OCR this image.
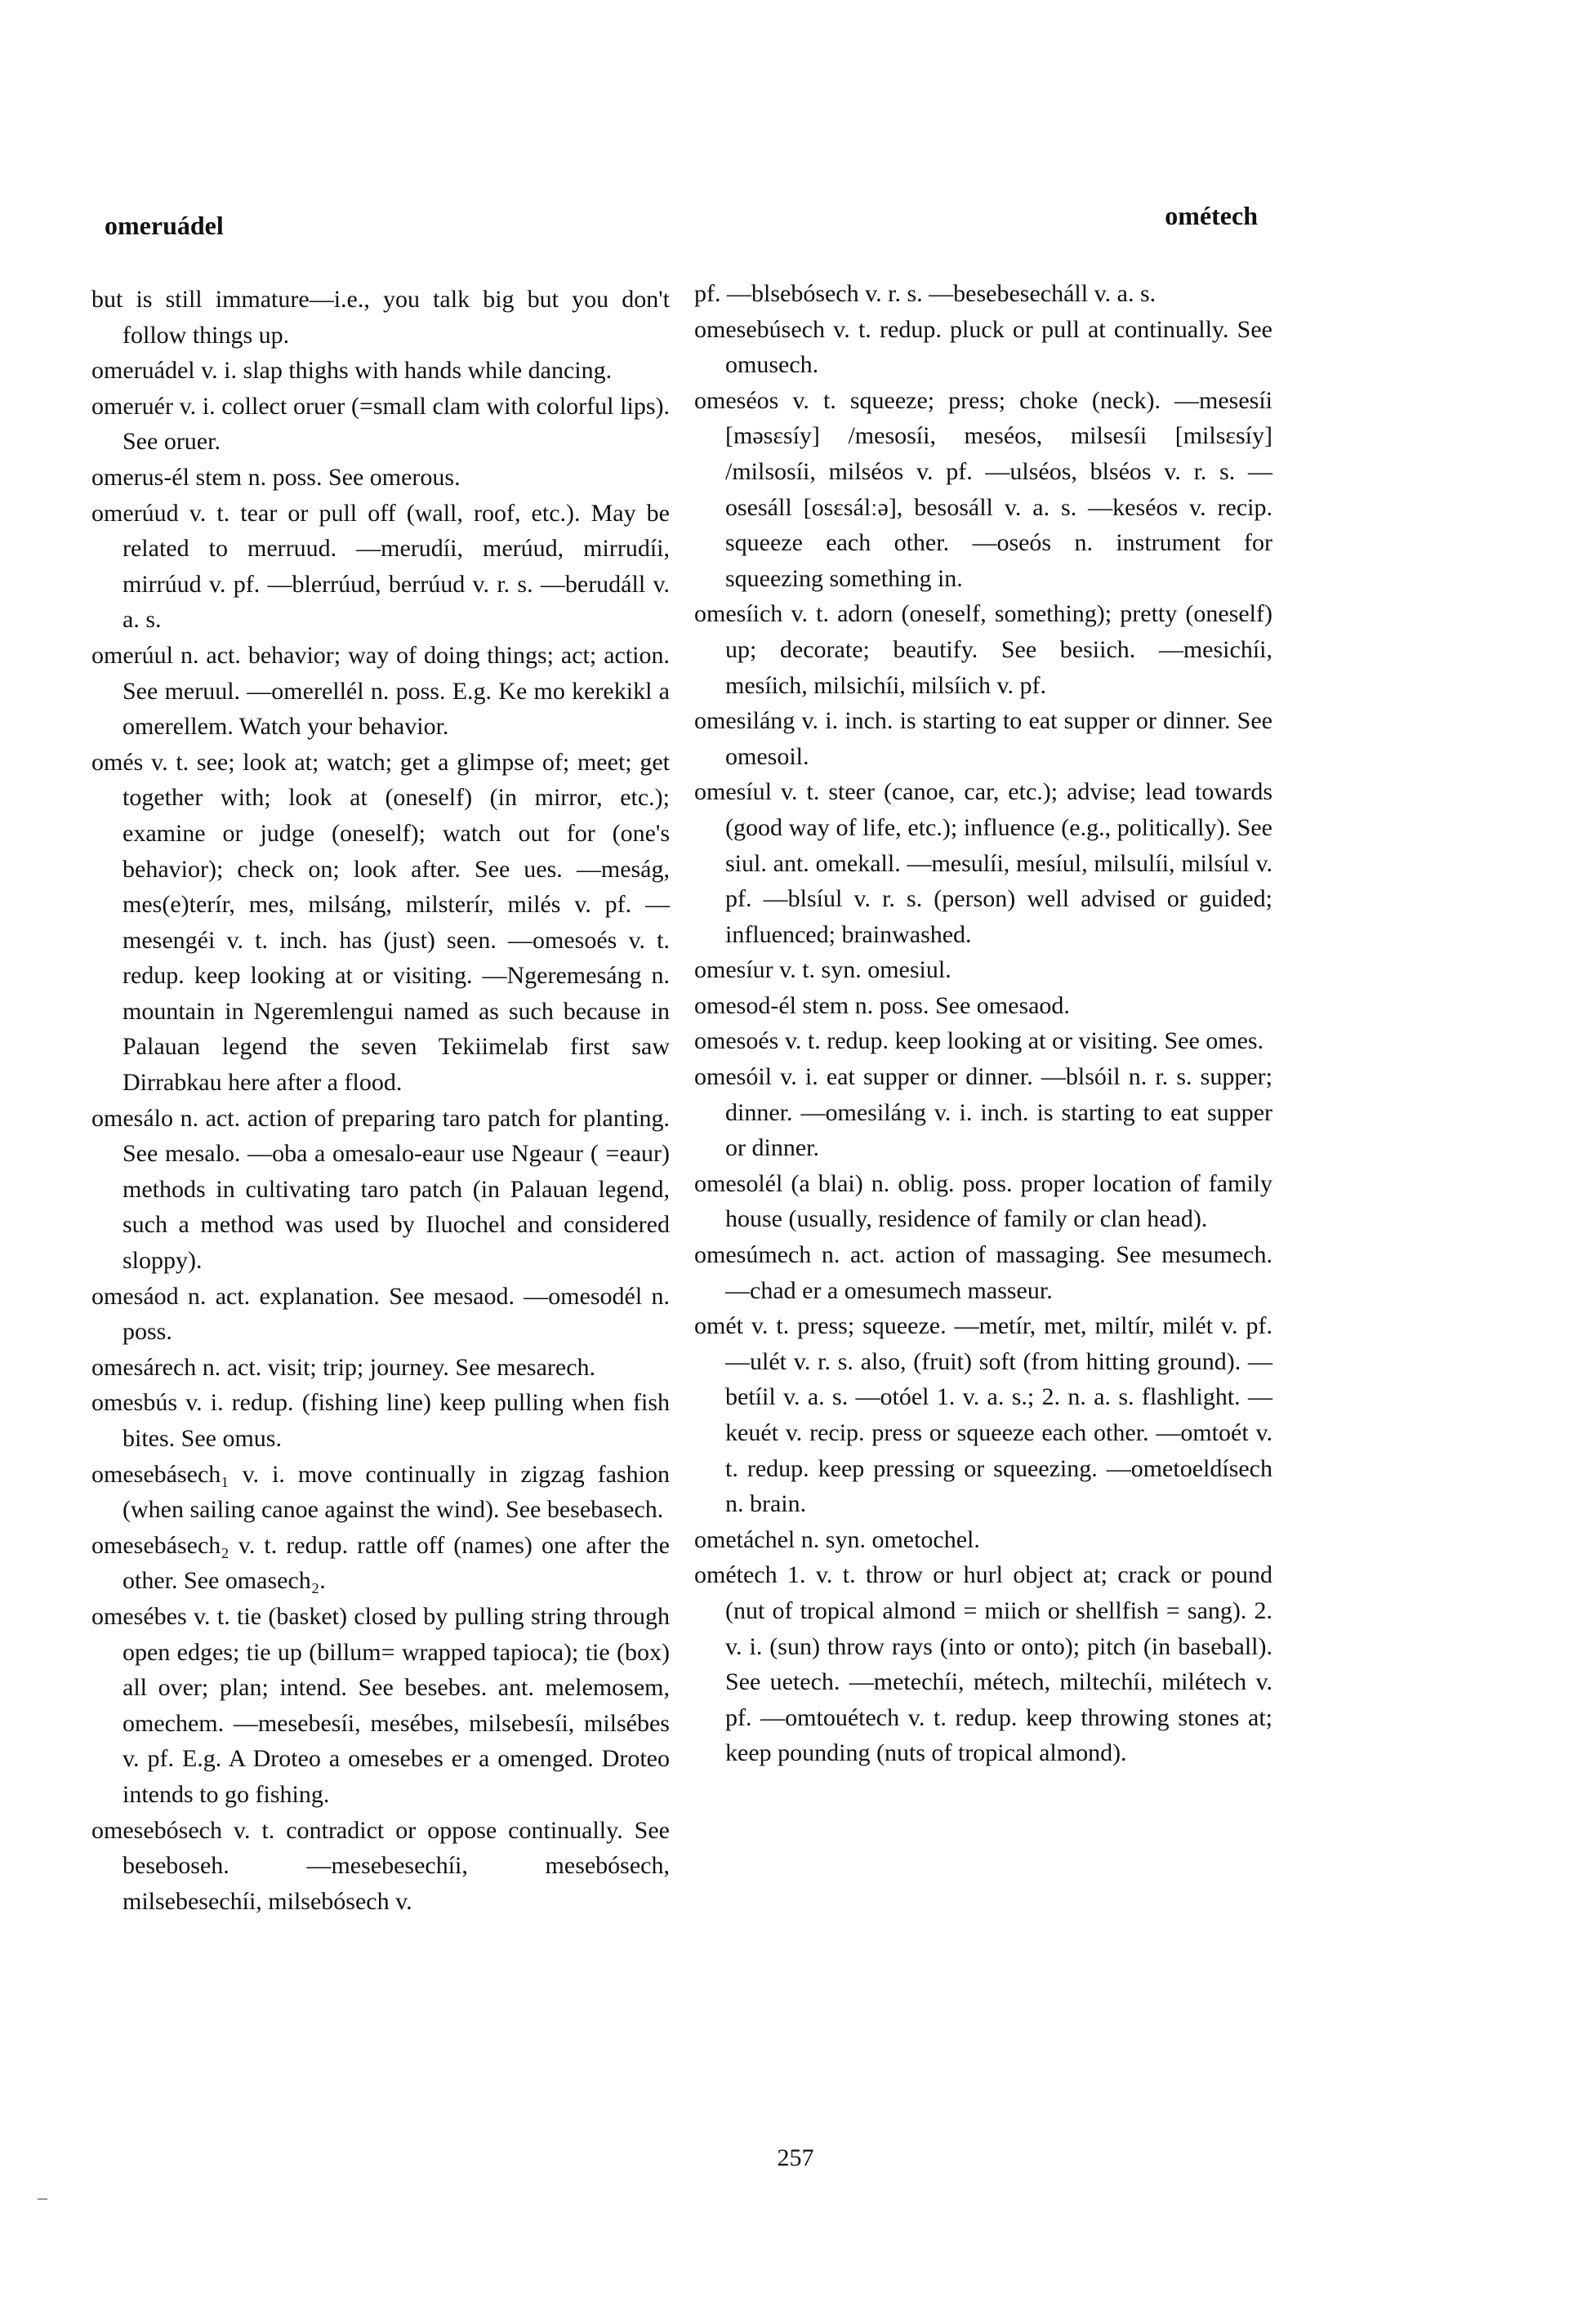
omeruádel	ométech
but is still immature—i.e., you talk big but you don't follow things up.
omeruádel v. i. slap thighs with hands while dancing.
omeruér v. i. collect oruer (=small clam with colorful lips). See oruer.
omerus-él stem n. poss. See omerous.
omerúud v. t. tear or pull off (wall, roof, etc.). May be related to merruud. —merudíi, merúud, mirrudíi, mirrúud v. pf. —blerrúud, berrúud v. r. s. —berudáll v. a. s.
omerúul n. act. behavior; way of doing things; act; action. See meruul. —omerellél n. poss. E.g. Ke mo kerekikl a omerellem. Watch your behavior.
omés v. t. see; look at; watch; get a glimpse of; meet; get together with; look at (oneself) (in mirror, etc.); examine or judge (oneself); watch out for (one's behavior); check on; look after. See ues. —meság, mes(e)terír, mes, milsáng, milsterír, milés v. pf. —mesengéi v. t. inch. has (just) seen. —omesoés v. t. redup. keep looking at or visiting. —Ngeremesáng n. mountain in Ngeremlengui named as such because in Palauan legend the seven Tekiimelab first saw Dirrabkau here after a flood.
omesálo n. act. action of preparing taro patch for planting. See mesalo. —oba a omesalo-eaur use Ngeaur ( =eaur) methods in cultivating taro patch (in Palauan legend, such a method was used by Iluochel and considered sloppy).
omesáod n. act. explanation. See mesaod. —omesodél n. poss.
omesárech n. act. visit; trip; journey. See mesarech.
omesbús v. i. redup. (fishing line) keep pulling when fish bites. See omus.
omesebásech₁ v. i. move continually in zigzag fashion (when sailing canoe against the wind). See besebasech.
omesebásech₂ v. t. redup. rattle off (names) one after the other. See omasech₂.
omesébes v. t. tie (basket) closed by pulling string through open edges; tie up (billum= wrapped tapioca); tie (box) all over; plan; intend. See besebes. ant. melemosem, omechem. —mesebesíi, mesébes, milsebesíi, milsébes v. pf. E.g. A Droteo a omesebes er a omenged. Droteo intends to go fishing.
omesebósech v. t. contradict or oppose continually. See beseboseh. —mesebesechíi, mesebósech, milsebesechíi, milsebósech v.
pf. —blsebósech v. r. s. —besebesecháll v. a. s.
omesebúsech v. t. redup. pluck or pull at continually. See omusech.
omeséos v. t. squeeze; press; choke (neck). —mesesíi [məsɛsíy] /mesosíi, meséos, milsesíi [milsɛsíy] /milsosíi, milséos v. pf. —ulséos, blséos v. r. s. —osesáll [osɛsálːə], besosáll v. a. s. —keséos v. recip. squeeze each other. —oseós n. instrument for squeezing something in.
omesíich v. t. adorn (oneself, something); pretty (oneself) up; decorate; beautify. See besiich. —mesichíi, mesíich, milsichíi, milsíich v. pf.
omesiláng v. i. inch. is starting to eat supper or dinner. See omesoil.
omesíul v. t. steer (canoe, car, etc.); advise; lead towards (good way of life, etc.); influence (e.g., politically). See siul. ant. omekall. —mesulíi, mesíul, milsulíi, milsíul v. pf. —blsíul v. r. s. (person) well advised or guided; influenced; brainwashed.
omesíur v. t. syn. omesiul.
omesod-él stem n. poss. See omesaod.
omesoés v. t. redup. keep looking at or visiting. See omes.
omesóil v. i. eat supper or dinner. —blsóil n. r. s. supper; dinner. —omesiláng v. i. inch. is starting to eat supper or dinner.
omesolél (a blai) n. oblig. poss. proper location of family house (usually, residence of family or clan head).
omesúmech n. act. action of massaging. See mesumech. —chad er a omesumech masseur.
omét v. t. press; squeeze. —metír, met, miltír, milét v. pf. —ulét v. r. s. also, (fruit) soft (from hitting ground). —betíil v. a. s. —otóel 1. v. a. s.; 2. n. a. s. flashlight. —keuét v. recip. press or squeeze each other. —omtoét v. t. redup. keep pressing or squeezing. —ometoeldísech n. brain.
ometáchel n. syn. ometochel.
ométech 1. v. t. throw or hurl object at; crack or pound (nut of tropical almond = miich or shellfish = sang). 2. v. i. (sun) throw rays (into or onto); pitch (in baseball). See uetech. —metechíi, métech, miltechíi, milétech v. pf. —omtouétech v. t. redup. keep throwing stones at; keep pounding (nuts of tropical almond).
257
